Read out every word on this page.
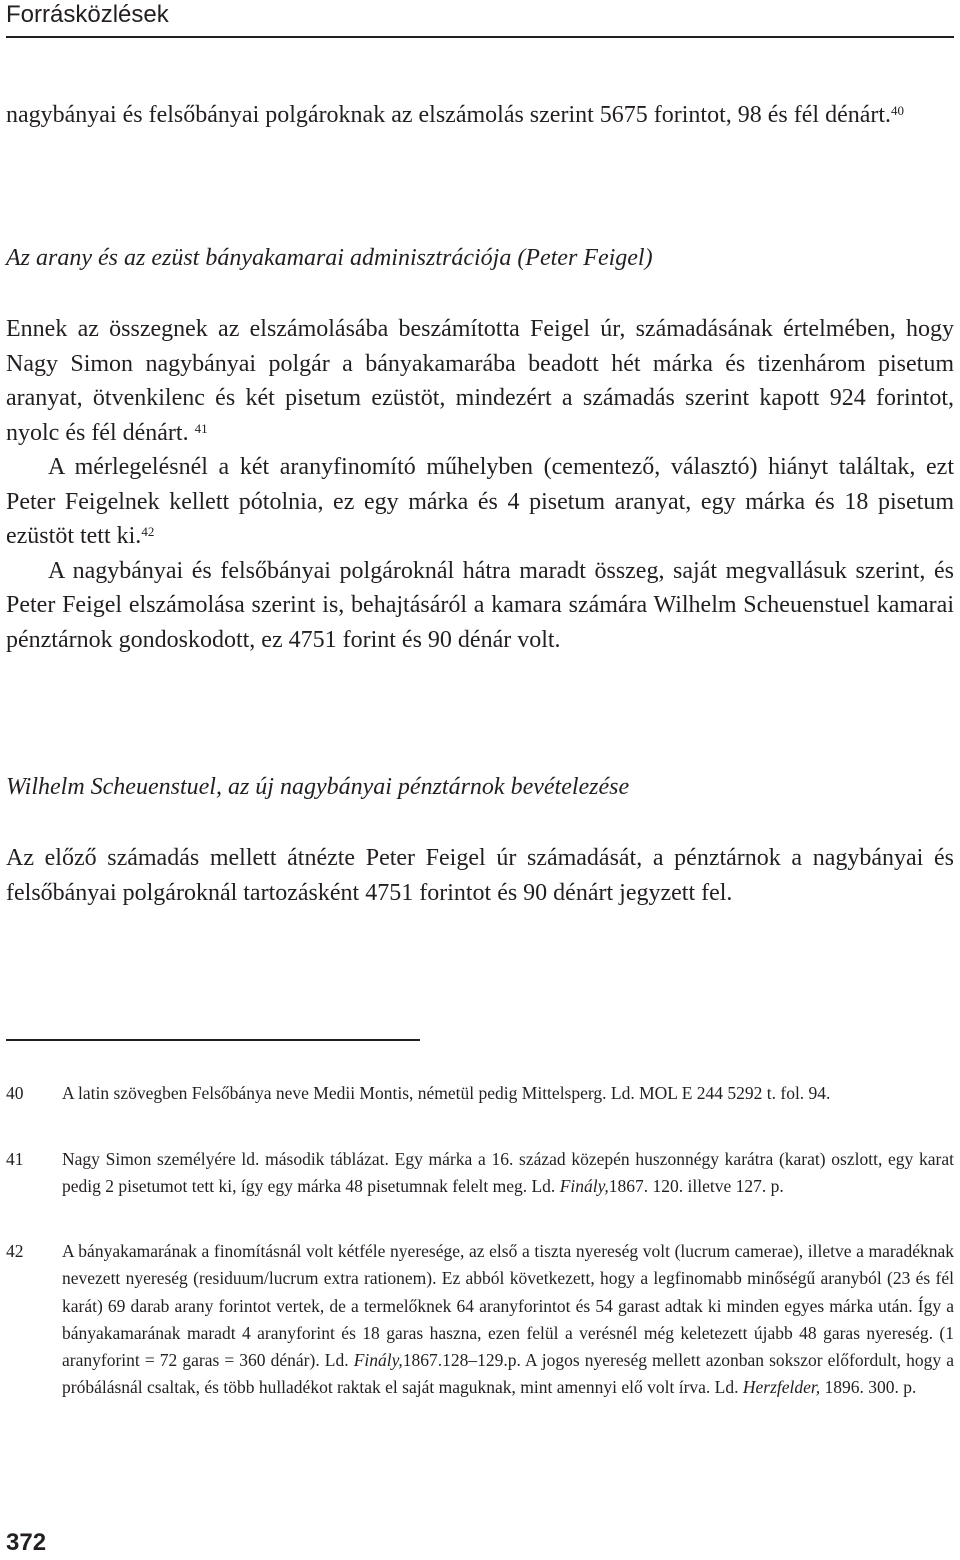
Forrásközlések

nagybányai és felsőbányai polgároknak az elszámolás szerint 5675 forintot, 98 és fél dénárt.$^{40}$

Az arany és az ezüst bányakamarai adminisztrációja (Peter Feigel)

Ennek az összegnek az elszámolásába beszámította Feigel úr, számadásának értelmében, hogy Nagy Simon nagybányai polgár a bányakamarába beadott hét márka és tizenhárom pisetum aranyat, ötvenkilenc és két pisetum ezüstöt, mindezért a számadás szerint kapott 924 forintot, nyolc és fél dénárt. $^{41}$

A mérlegelésnél a két aranyfinomító műhelyben (cementező, választó) hiányt találtak, ezt Peter Feigelnek kellett pótolnia, ez egy márka és 4 pisetum aranyat, egy márka és 18 pisetum ezüstöt tett ki.$^{42}$

A nagybányai és felsőbányai polgároknál hátra maradt összeg, saját megvallásuk szerint, és Peter Feigel elszámolása szerint is, behajtásáról a kamara számára Wilhelm Scheuenstuel kamarai pénztárnok gondoskodott, ez 4751 forint és 90 dénár volt.

Wilhelm Scheuenstuel, az új nagybányai pénztárnok bevételezése

Az előző számadás mellett átnézte Peter Feigel úr számadását, a pénztárnok a nagybányai és felsőbányai polgároknál tartozásként 4751 forintot és 90 dénárt jegyzett fel.

40 A latin szövegben Felsőbánya neve Medii Montis, németül pedig Mittelsperg. Ld. MOL E 244 5292 t. fol. 94.
41 Nagy Simon személyére ld. második táblázat. Egy márka a 16. század közepén huszonnégy karátra (karat) oszlott, egy karat pedig 2 pisetumot tett ki, így egy márka 48 pisetumnak felelt meg. Ld. Finály,1867. 120. illetve 127. p.
42 A bányakamarának a finomításnál volt kétféle nyeresége, az első a tiszta nyereség volt (lucrum camerae), illetve a maradéknak nevezett nyereség (residuum/lucrum extra rationem). Ez abból következett, hogy a legfinomabb minőségű aranyból (23 és fél karát) 69 darab arany forintot vertek, de a termelőknek 64 aranyforintot és 54 garast adtak ki minden egyes márka után. Így a bányakamarának maradt 4 aranyforint és 18 garas haszna, ezen felül a verésnél még keletezett újabb 48 garas nyereség. (1 aranyforint = 72 garas = 360 dénár). Ld. Finály,1867.128–129.p. A jogos nyereség mellett azonban sokszor előfordult, hogy a próbálásnál csaltak, és több hulladékot raktak el saját maguknak, mint amennyi elő volt írva. Ld. Herzfelder, 1896. 300. p.
372
